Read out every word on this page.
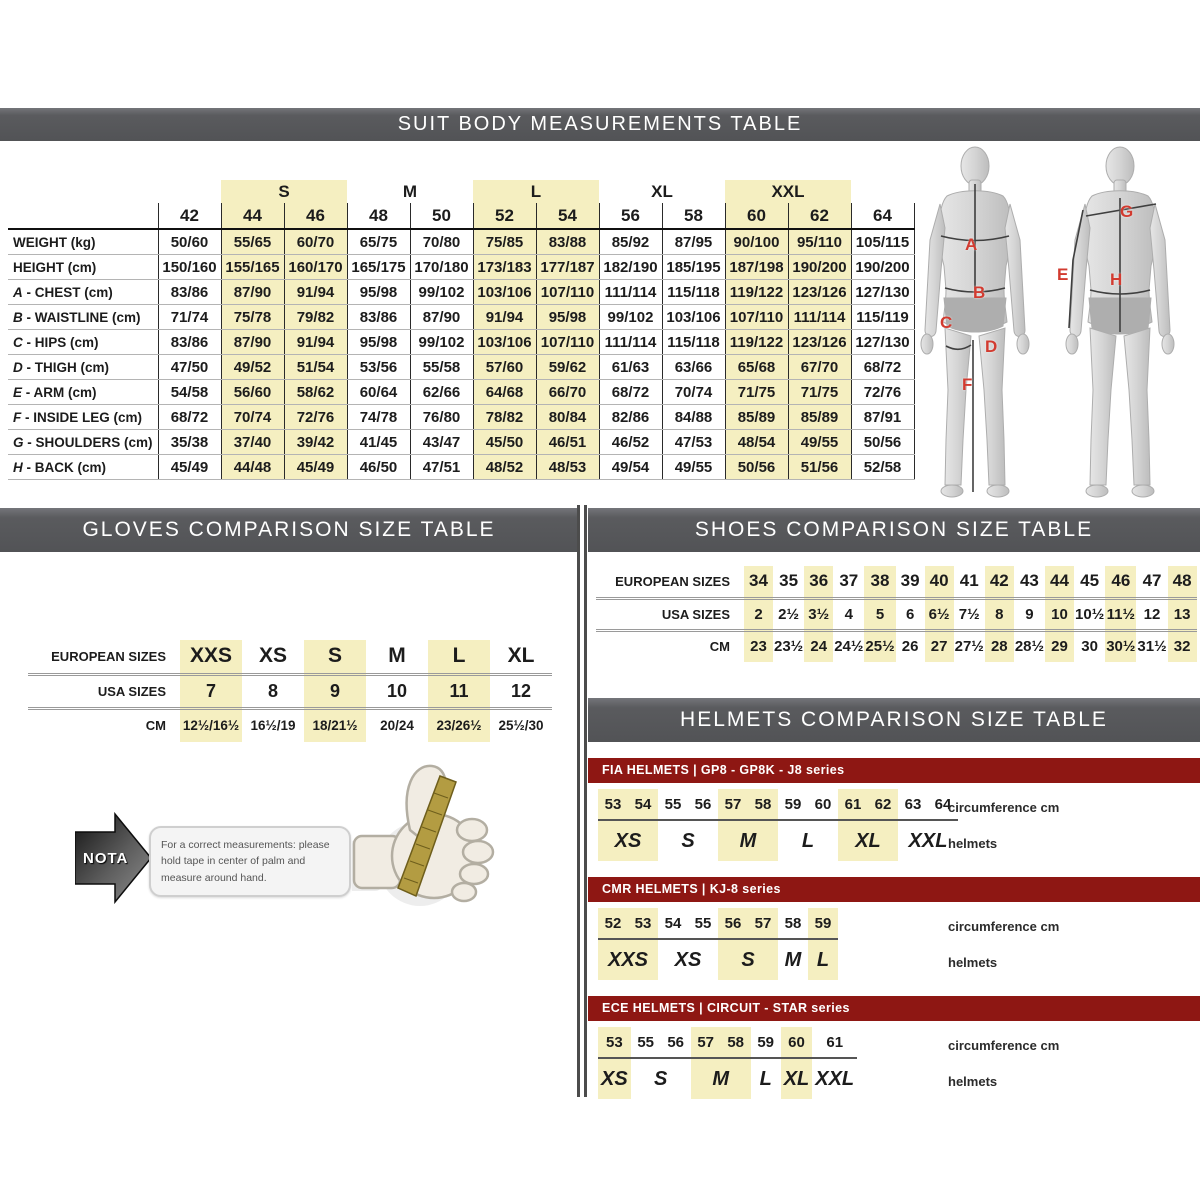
SUIT BODY MEASUREMENTS TABLE
		S		M		L		XL		XXL		
	42	44	46	48	50	52	54	56	58	60	62	64
WEIGHT (kg)	50/60	55/65	60/70	65/75	70/80	75/85	83/88	85/92	87/95	90/100	95/110	105/115
HEIGHT (cm)	150/160	155/165	160/170	165/175	170/180	173/183	177/187	182/190	185/195	187/198	190/200	190/200
A - CHEST (cm)	83/86	87/90	91/94	95/98	99/102	103/106	107/110	111/114	115/118	119/122	123/126	127/130
B - WAISTLINE (cm)	71/74	75/78	79/82	83/86	87/90	91/94	95/98	99/102	103/106	107/110	111/114	115/119
C - HIPS (cm)	83/86	87/90	91/94	95/98	99/102	103/106	107/110	111/114	115/118	119/122	123/126	127/130
D - THIGH (cm)	47/50	49/52	51/54	53/56	55/58	57/60	59/62	61/63	63/66	65/68	67/70	68/72
E - ARM (cm)	54/58	56/60	58/62	60/64	62/66	64/68	66/70	68/72	70/74	71/75	71/75	72/76
F - INSIDE LEG (cm)	68/72	70/74	72/76	74/78	76/80	78/82	80/84	82/86	84/88	85/89	85/89	87/91
G - SHOULDERS (cm)	35/38	37/40	39/42	41/45	43/47	45/50	46/51	46/52	47/53	48/54	49/55	50/56
H - BACK (cm)	45/49	44/48	45/49	46/50	47/51	48/52	48/53	49/54	49/55	50/56	51/56	52/58
A
B
C
D
E
F
G
H
GLOVES COMPARISON SIZE TABLE
EUROPEAN SIZES	XXS	XS	S	M	L	XL
USA SIZES	7	8	9	10	11	12
CM	12½/16½	16½/19	18/21½	20/24	23/26½	25½/30
NOTA
For a correct measurements: please hold tape in center of palm and measure around hand.
SHOES COMPARISON SIZE TABLE
EUROPEAN SIZES	34	35	36	37	38	39	40	41	42	43	44	45	46	47	48
USA SIZES	2	2½	3½	4	5	6	6½	7½	8	9	10	10½	11½	12	13
CM	23	23½	24	24½	25½	26	27	27½	28	28½	29	30	30½	31½	32
HELMETS COMPARISON SIZE TABLE
FIA HELMETS | GP8 - GP8K - J8 series
53	54	55	56	57	58	59	60	61	62	63	64
XS		S		M		L		XL		XXL	
circumference cm
helmets
CMR HELMETS | KJ-8 series
52	53	54	55	56	57	58	59
XXS		XS		S		M	L
circumference cm
helmets
ECE HELMETS | CIRCUIT - STAR series
53	55	56	57	58	59	60	61
XS	S		M		L	XL	XXL
circumference cm
helmets
